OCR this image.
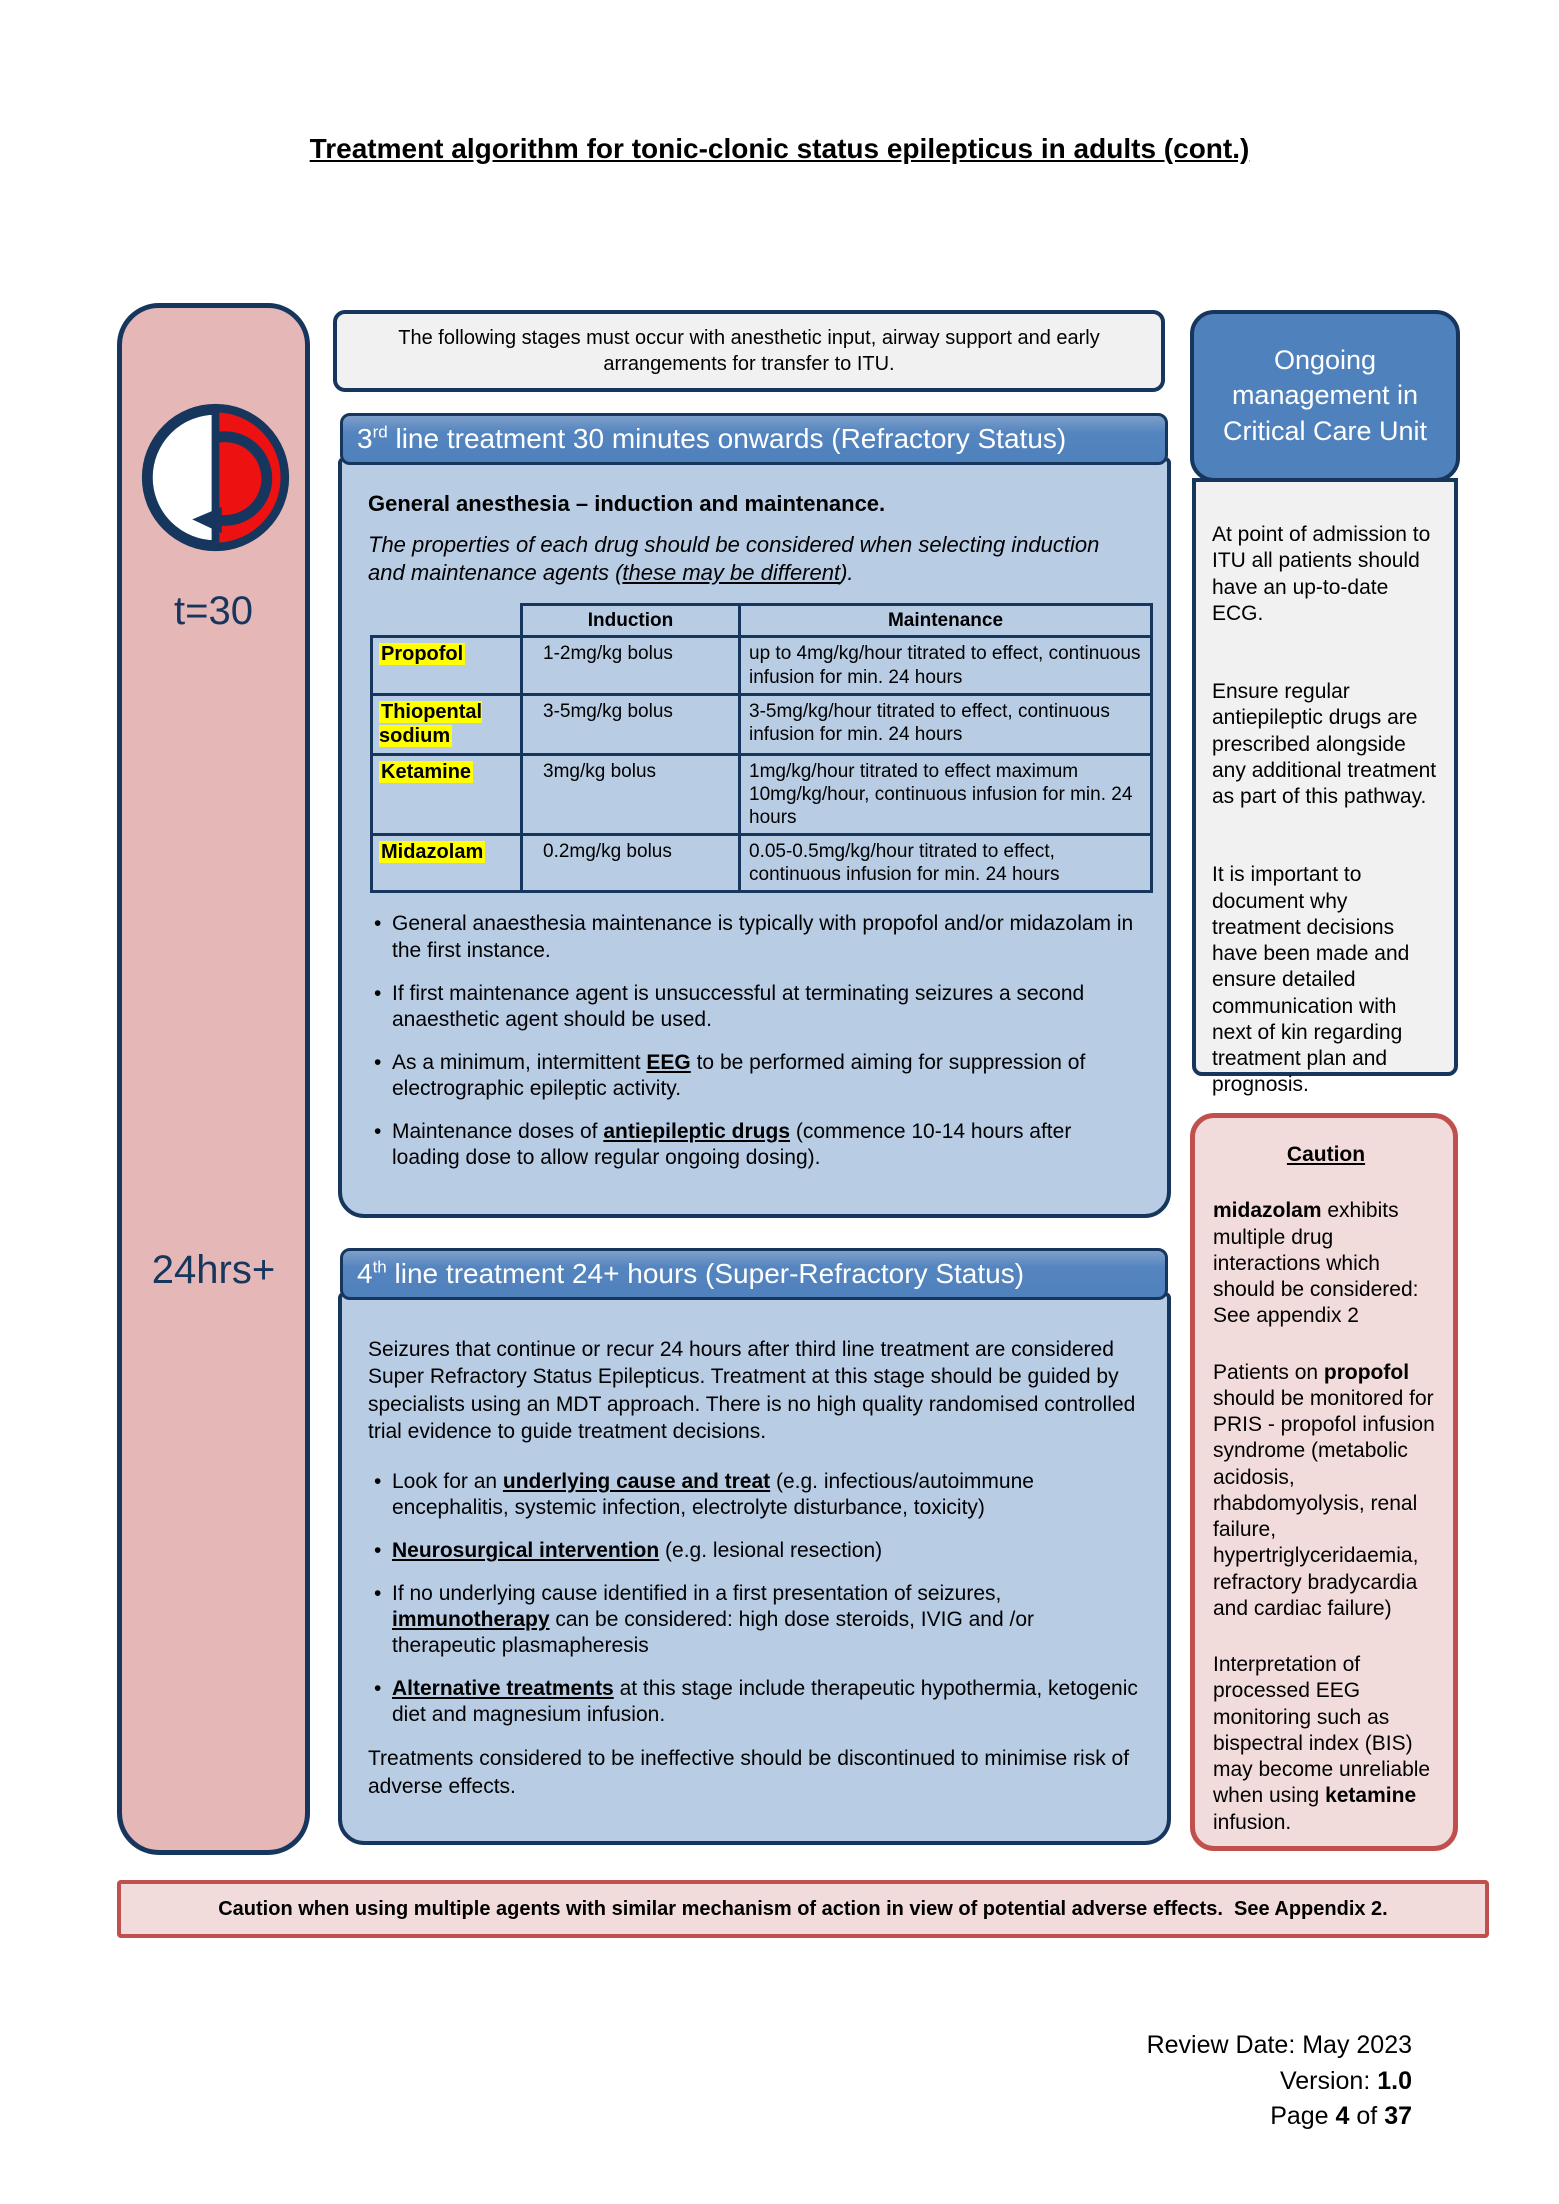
Treatment algorithm for tonic-clonic status epilepticus in adults (cont.)
t=30
24hrs+
The following stages must occur with anesthetic input, airway support and early arrangements for transfer to ITU.

General anesthesia – induction and maintenance.

The properties of each drug should be considered when selecting induction and maintenance agents (these may be different).

	Induction	Maintenance
Propofol	1-2mg/kg bolus	up to 4mg/kg/hour titrated to effect, continuous infusion for min. 24 hours
Thiopental sodium	3-5mg/kg bolus	3-5mg/kg/hour titrated to effect, continuous infusion for min. 24 hours
Ketamine	3mg/kg bolus	1mg/kg/hour titrated to effect maximum 10mg/kg/hour, continuous infusion for min. 24 hours
Midazolam	0.2mg/kg bolus	0.05-0.5mg/kg/hour titrated to effect, continuous infusion for min. 24 hours
• General anaesthesia maintenance is typically with propofol and/or midazolam in the first instance.
• If first maintenance agent is unsuccessful at terminating seizures a second anaesthetic agent should be used.
• As a minimum, intermittent EEG to be performed aiming for suppression of electrographic epileptic activity.
• Maintenance doses of antiepileptic drugs (commence 10-14 hours after loading dose to allow regular ongoing dosing).
3rd line treatment 30 minutes onwards (Refractory Status)

Seizures that continue or recur 24 hours after third line treatment are considered Super Refractory Status Epilepticus. Treatment at this stage should be guided by specialists using an MDT approach. There is no high quality randomised controlled trial evidence to guide treatment decisions.

• Look for an underlying cause and treat (e.g. infectious/autoimmune encephalitis, systemic infection, electrolyte disturbance, toxicity)
• Neurosurgical intervention (e.g. lesional resection)
• If no underlying cause identified in a first presentation of seizures, immunotherapy can be considered: high dose steroids, IVIG and /or therapeutic plasmapheresis
• Alternative treatments at this stage include therapeutic hypothermia, ketogenic diet and magnesium infusion.

Treatments considered to be ineffective should be discontinued to minimise risk of adverse effects.

4th line treatment 24+ hours (Super-Refractory Status)

At point of admission to ITU all patients should have an up-to-date ECG.

Ensure regular antiepileptic drugs are prescribed alongside any additional treatment as part of this pathway.

It is important to document why treatment decisions have been made and ensure detailed communication with next of kin regarding treatment plan and prognosis.

Ongoing management in Critical Care Unit

Caution

midazolam exhibits multiple drug interactions which should be considered: See appendix 2

Patients on propofol should be monitored for PRIS - propofol infusion syndrome (metabolic acidosis, rhabdomyolysis, renal failure, hypertriglyceridaemia, refractory bradycardia and cardiac failure)

Interpretation of processed EEG monitoring such as bispectral index (BIS) may become unreliable when using ketamine infusion.

Caution when using multiple agents with similar mechanism of action in view of potential adverse effects.  See Appendix 2.
Review Date: May 2023
Version: 1.0
Page 4 of 37
